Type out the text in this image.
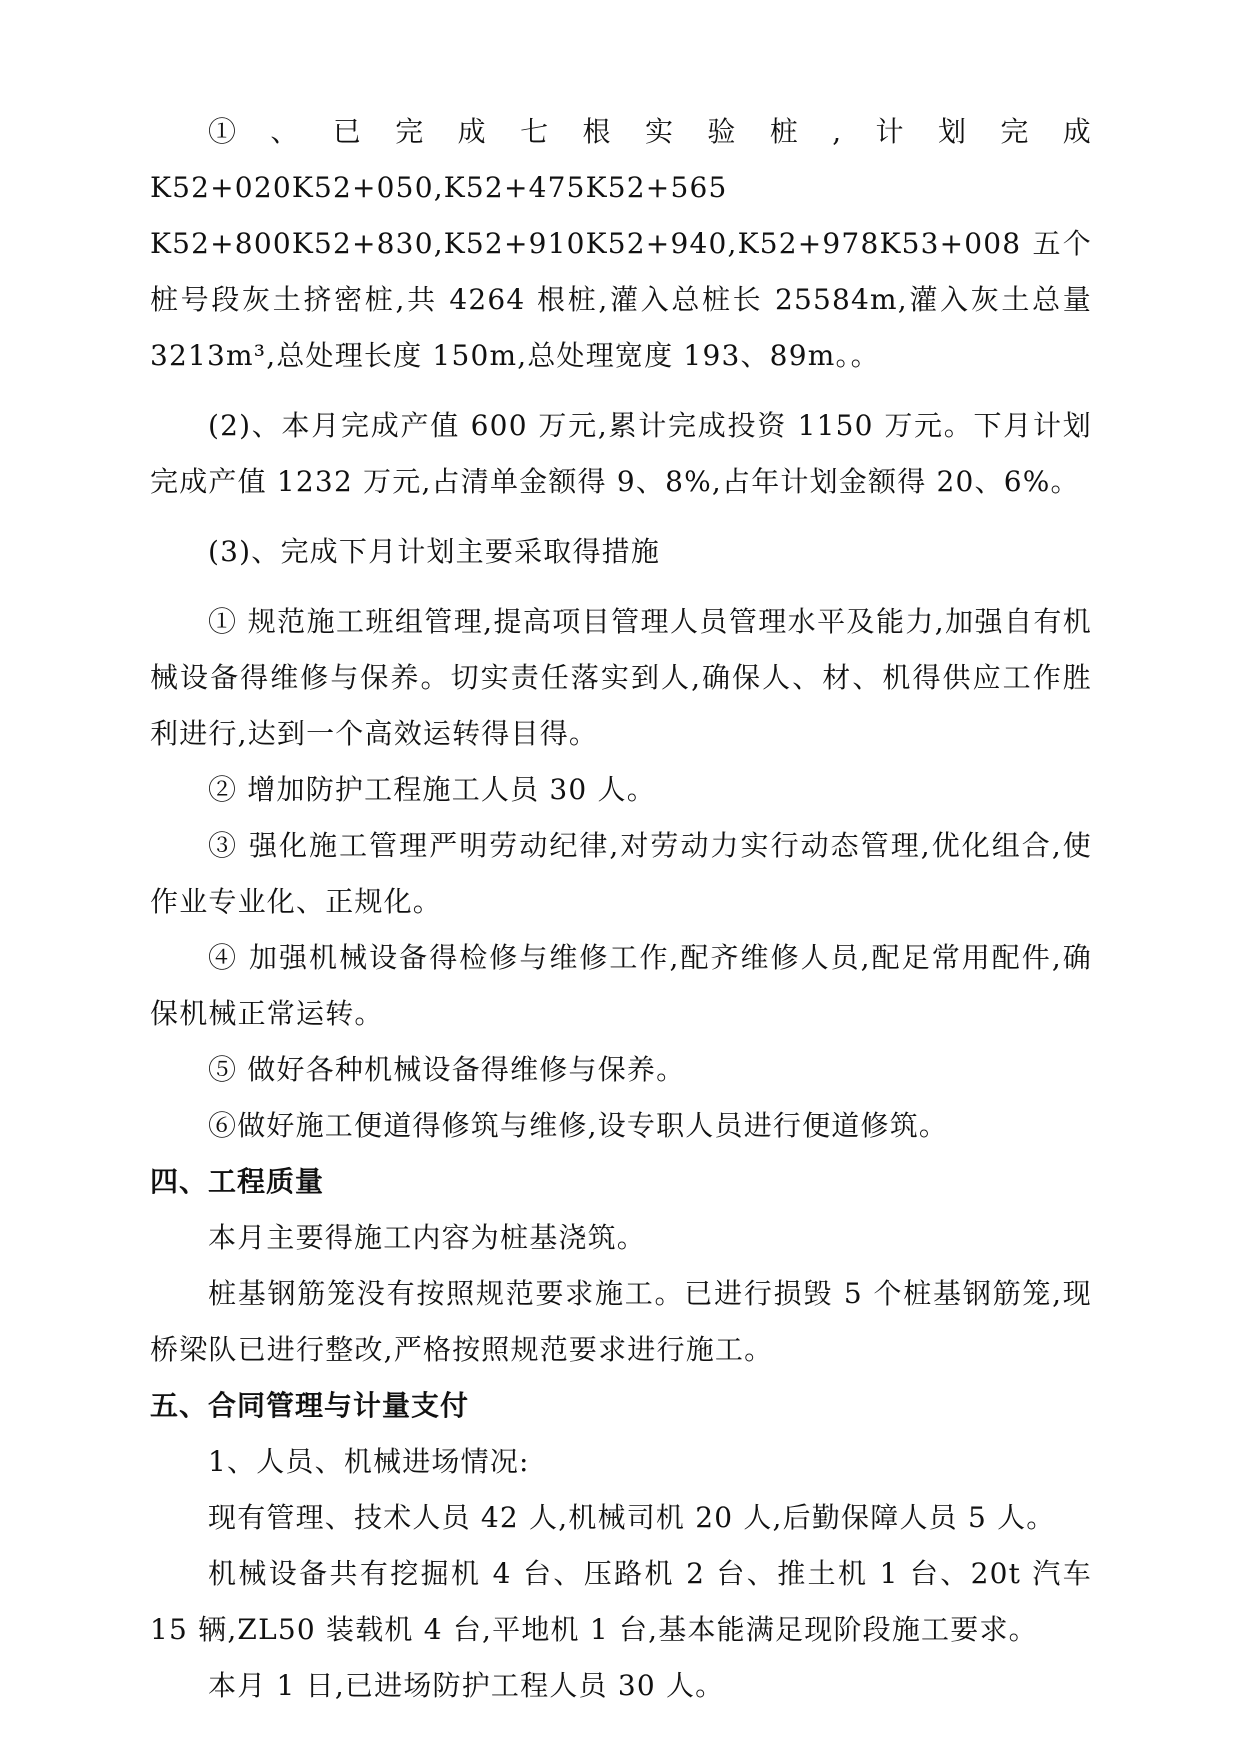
①、已完成七根实验桩,计划完成 K52+020K52+050,K52+475K52+565 K52+800K52+830,K52+910K52+940,K52+978K53+008 五个桩号段灰土挤密桩,共 4264 根桩,灌入总桩长 25584m,灌入灰土总量 3213m³,总处理长度 150m,总处理宽度 193、89m。。

(2)、本月完成产值 600 万元,累计完成投资 1150 万元。下月计划完成产值 1232 万元,占清单金额得 9、8%,占年计划金额得 20、6%。

(3)、完成下月计划主要采取得措施

① 规范施工班组管理,提高项目管理人员管理水平及能力,加强自有机械设备得维修与保养。切实责任落实到人,确保人、材、机得供应工作胜利进行,达到一个高效运转得目得。

② 增加防护工程施工人员 30 人。

③ 强化施工管理严明劳动纪律,对劳动力实行动态管理,优化组合,使作业专业化、正规化。

④ 加强机械设备得检修与维修工作,配齐维修人员,配足常用配件,确保机械正常运转。

⑤ 做好各种机械设备得维修与保养。

⑥做好施工便道得修筑与维修,设专职人员进行便道修筑。

四、工程质量

本月主要得施工内容为桩基浇筑。

桩基钢筋笼没有按照规范要求施工。已进行损毁 5 个桩基钢筋笼,现桥梁队已进行整改,严格按照规范要求进行施工。

五、合同管理与计量支付

1、人员、机械进场情况:

现有管理、技术人员 42 人,机械司机 20 人,后勤保障人员 5 人。

机械设备共有挖掘机 4 台、压路机 2 台、推土机 1 台、20t 汽车 15 辆,ZL50 装载机 4 台,平地机 1 台,基本能满足现阶段施工要求。

本月 1 日,已进场防护工程人员 30 人。
